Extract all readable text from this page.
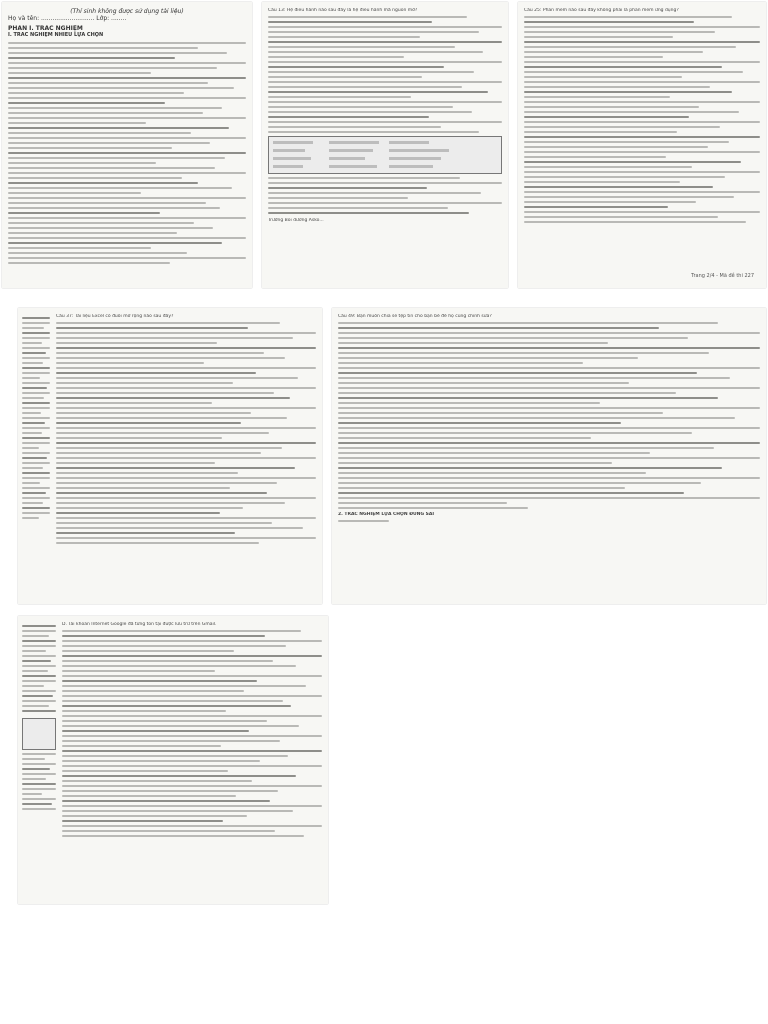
(Thí sinh không được sử dụng tài liệu)
Họ và tên: ............................ Lớp: ........
PHẦN I. TRẮC NGHIỆM
I. TRẮC NGHIỆM NHIỀU LỰA CHỌN
Câu 13: Hệ điều hành nào sau đây là hệ điều hành mã nguồn mở?
Trường Bồi dưỡng Asko...
Câu 25: Phần mềm nào sau đây không phải là phần mềm ứng dụng?
Trang 2/4 - Mã đề thi 227
Câu 37: Tài liệu Excel có đuôi mở rộng nào sau đây?	Câu 49: Bạn muốn chia sẻ tệp tin cho bạn bè để họ cùng chỉnh sửa?
2. TRẮC NGHIỆM LỰA CHỌN ĐÚNG SAI
D. Tài khoản Internet Google đã từng tồn tại được lưu trữ trên Gmail.
